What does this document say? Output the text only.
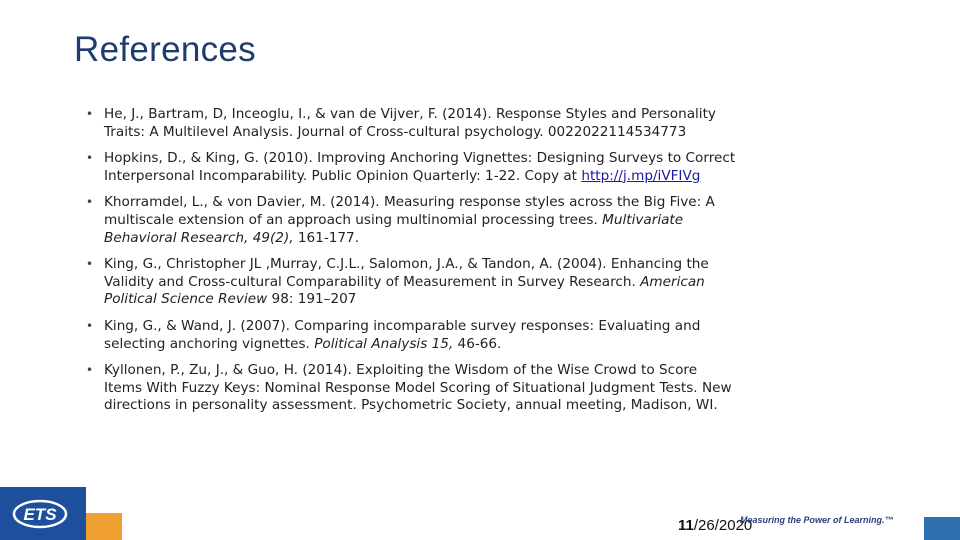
References
• He, J., Bartram, D, Inceoglu, I., & van de Vijver, F. (2014). Response Styles and Personality Traits: A Multilevel Analysis. Journal of Cross-cultural psychology. 0022022114534773
• Hopkins, D., & King, G. (2010). Improving Anchoring Vignettes: Designing Surveys to Correct Interpersonal Incomparability. Public Opinion Quarterly: 1-22. Copy at http://j.mp/iVFIVg
• Khorramdel, L., & von Davier, M. (2014). Measuring response styles across the Big Five: A multiscale extension of an approach using multinomial processing trees. Multivariate Behavioral Research, 49(2), 161-177.
• King, G., Christopher JL ,Murray, C.J.L., Salomon, J.A., & Tandon, A. (2004). Enhancing the Validity and Cross-cultural Comparability of Measurement in Survey Research. American Political Science Review 98: 191–207
• King, G., & Wand, J. (2007). Comparing incomparable survey responses: Evaluating and selecting anchoring vignettes. Political Analysis 15, 46-66.
• Kyllonen, P., Zu, J., & Guo, H. (2014). Exploiting the Wisdom of the Wise Crowd to Score Items With Fuzzy Keys: Nominal Response Model Scoring of Situational Judgment Tests. New directions in personality assessment. Psychometric Society, annual meeting, Madison, WI.
ETS
11/26/2020
Measuring the Power of Learning.™
